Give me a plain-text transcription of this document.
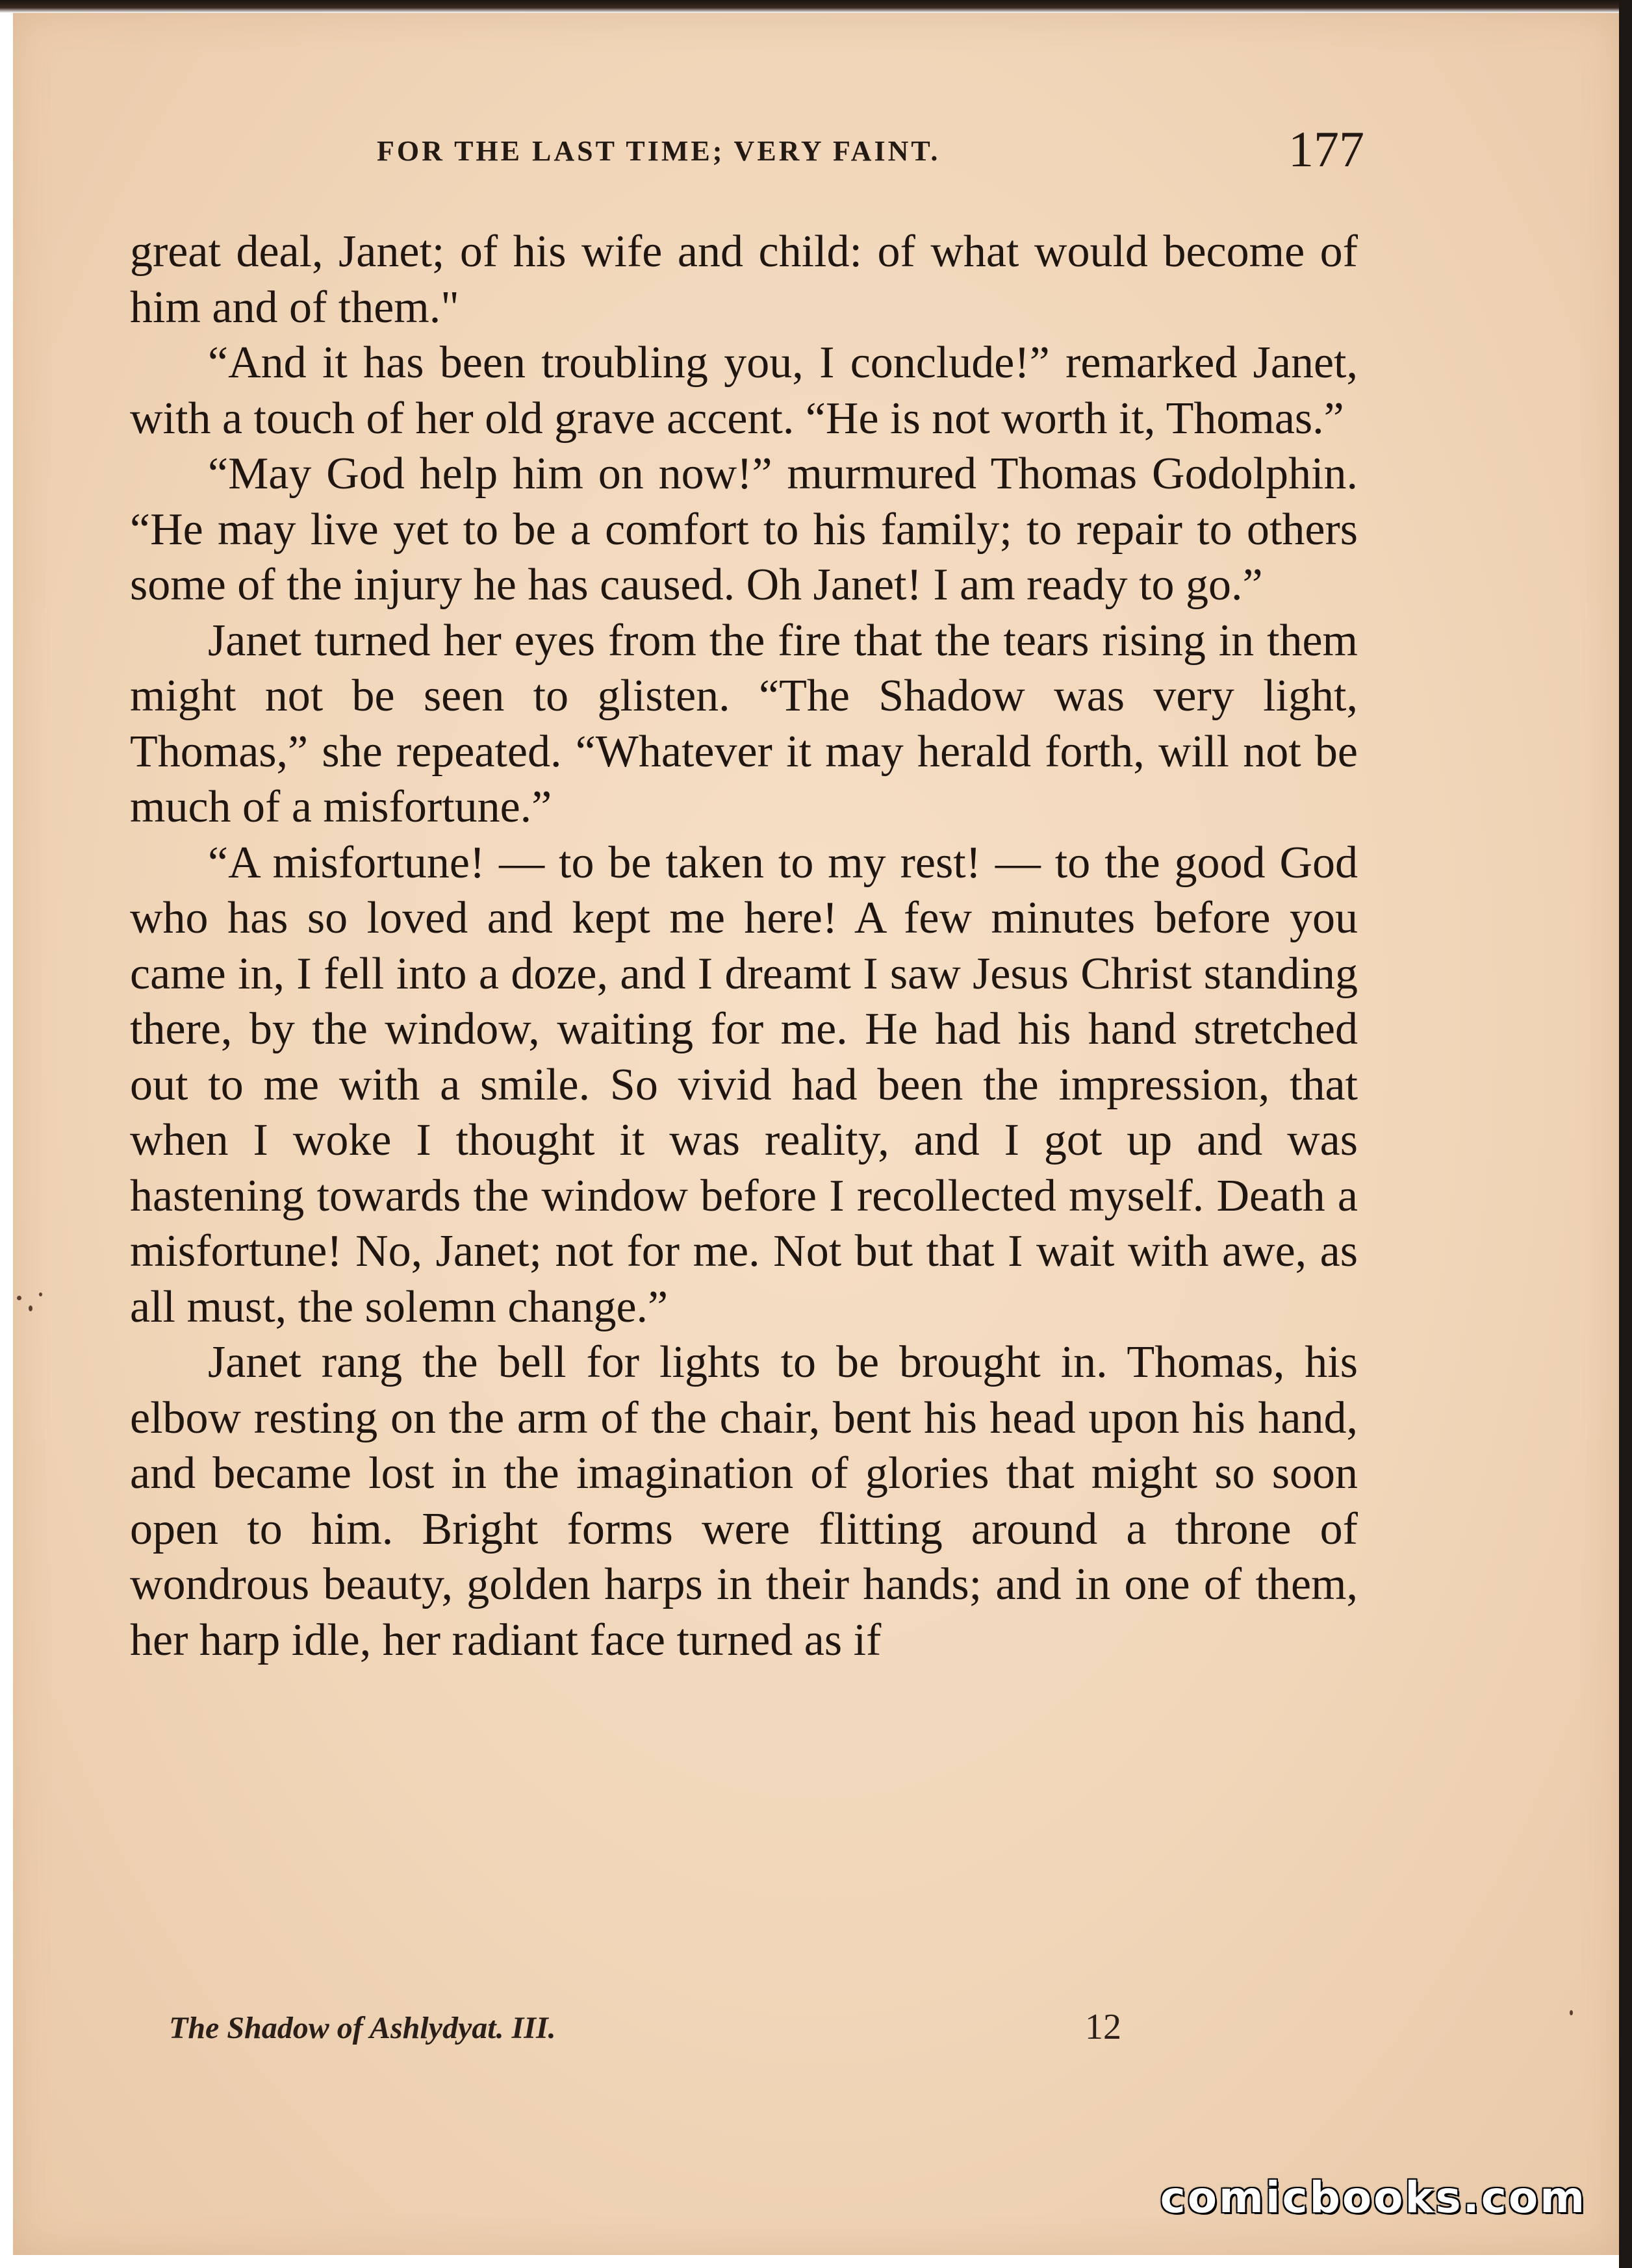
FOR THE LAST TIME; VERY FAINT.	177

great deal, Janet; of his wife and child: of what would become of him and of them."

“And it has been troubling you, I conclude!” remarked Janet, with a touch of her old grave accent. “He is not worth it, Thomas.”

“May God help him on now!” murmured Thomas Godolphin. “He may live yet to be a comfort to his family; to repair to others some of the injury he has caused. Oh Janet! I am ready to go.”

Janet turned her eyes from the fire that the tears rising in them might not be seen to glisten. “The Shadow was very light, Thomas,” she repeated. “Whatever it may herald forth, will not be much of a misfortune.”

“A misfortune! — to be taken to my rest! — to the good God who has so loved and kept me here! A few minutes before you came in, I fell into a doze, and I dreamt I saw Jesus Christ standing there, by the window, waiting for me. He had his hand stretched out to me with a smile. So vivid had been the impression, that when I woke I thought it was reality, and I got up and was hastening towards the window before I recollected myself. Death a misfortune! No, Janet; not for me. Not but that I wait with awe, as all must, the solemn change.”

Janet rang the bell for lights to be brought in. Thomas, his elbow resting on the arm of the chair, bent his head upon his hand, and became lost in the imagination of glories that might so soon open to him. Bright forms were flitting around a throne of wondrous beauty, golden harps in their hands; and in one of them, her harp idle, her radiant face turned as if

The Shadow of Ashlydyat. III.	12
comicbooks.com
